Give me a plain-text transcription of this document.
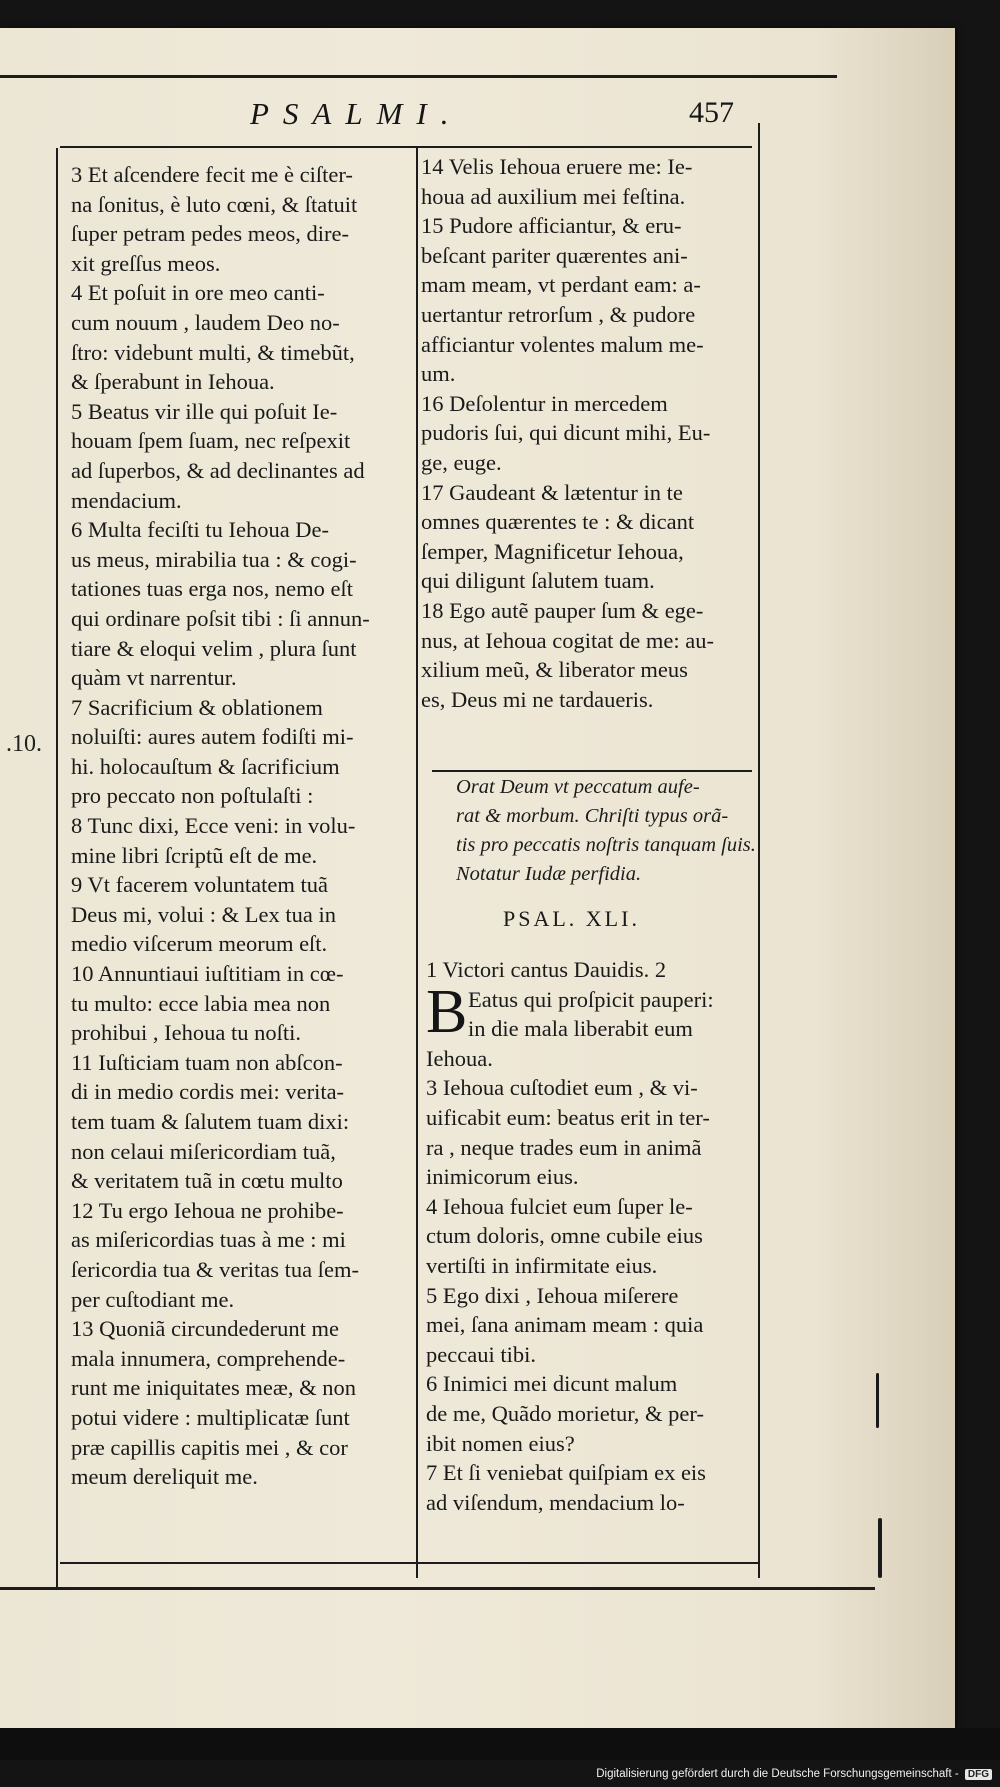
PSALMI.	457
.10.
3 Et aſcendere fecit me è ciſter-
na ſonitus, è luto cœni, & ſtatuit
ſuper petram pedes meos, dire-
xit greſſus meos.
4 Et poſuit in ore meo canti-
cum nouum , laudem Deo no-
ſtro: videbunt multi, & timebũt,
& ſperabunt in Iehoua.
5 Beatus vir ille qui poſuit Ie-
houam ſpem ſuam, nec reſpexit
ad ſuperbos, & ad declinantes ad
mendacium.
6 Multa feciſti tu Iehoua De-
us meus, mirabilia tua : & cogi-
tationes tuas erga nos, nemo eſt
qui ordinare poſsit tibi : ſi annun-
tiare & eloqui velim , plura ſunt
quàm vt narrentur.
7 Sacrificium & oblationem
noluiſti: aures autem fodiſti mi-
hi. holocauſtum & ſacrificium
pro peccato non poſtulaſti :
8 Tunc dixi, Ecce veni: in volu-
mine libri ſcriptũ eſt de me.
9 Vt facerem voluntatem tuã
Deus mi, volui : & Lex tua in
medio viſcerum meorum eſt.
10 Annuntiaui iuſtitiam in cœ-
tu multo: ecce labia mea non
prohibui , Iehoua tu noſti.
11 Iuſticiam tuam non abſcon-
di in medio cordis mei: verita-
tem tuam & ſalutem tuam dixi:
non celaui miſericordiam tuã,
& veritatem tuã in cœtu multo
12 Tu ergo Iehoua ne prohibe-
as miſericordias tuas à me : mi
ſericordia tua & veritas tua ſem-
per cuſtodiant me.
13 Quoniã circundederunt me
mala innumera, comprehende-
runt me iniquitates meæ, & non
potui videre : multiplicatæ ſunt
præ capillis capitis mei , & cor
meum dereliquit me.
14 Velis Iehoua eruere me: Ie-
houa ad auxilium mei feſtina.
15 Pudore afficiantur, & eru-
beſcant pariter quærentes ani-
mam meam, vt perdant eam: a-
uertantur retrorſum , & pudore
afficiantur volentes malum me-
um.
16 Deſolentur in mercedem
pudoris ſui, qui dicunt mihi, Eu-
ge, euge.
17 Gaudeant & lætentur in te
omnes quærentes te : & dicant
ſemper, Magnificetur Iehoua,
qui diligunt ſalutem tuam.
18 Ego autẽ pauper ſum & ege-
nus, at Iehoua cogitat de me: au-
xilium meũ, & liberator meus
es, Deus mi ne tardaueris.
Orat Deum vt peccatum aufe-
rat & morbum. Chriſti typus orã-
tis pro peccatis noſtris tanquam ſuis.
Notatur Iudæ perfidia.
PSAL. XLI.
B
1 Victori cantus Dauidis. 2
Eatus qui proſpicit pauperi:
in die mala liberabit eum
Iehoua.
3 Iehoua cuſtodiet eum , & vi-
uificabit eum: beatus erit in ter-
ra , neque trades eum in animã
inimicorum eius.
4 Iehoua fulciet eum ſuper le-
ctum doloris, omne cubile eius
vertiſti in infirmitate eius.
5 Ego dixi , Iehoua miſerere
mei, ſana animam meam : quia
peccaui tibi.
6 Inimici mei dicunt malum
de me, Quãdo morietur, & per-
ibit nomen eius?
7 Et ſi veniebat quiſpiam ex eis
ad viſendum, mendacium lo-
Digitalisierung gefördert durch die Deutsche Forschungsgemeinschaft - DFG
